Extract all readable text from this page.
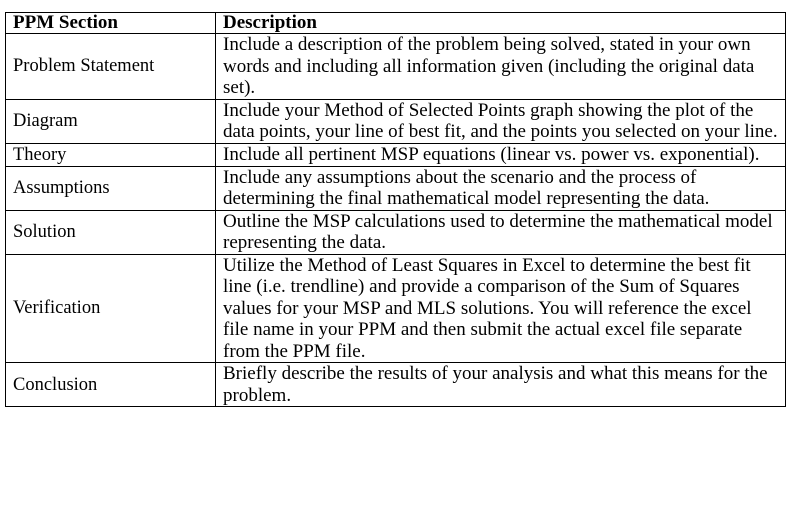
PPM Section	Description
Problem Statement	Include a description of the problem being solved, stated in your own words and including all information given (including the original data set).
Diagram	Include your Method of Selected Points graph showing the plot of the data points, your line of best fit, and the points you selected on your line.
Theory	Include all pertinent MSP equations (linear vs. power vs. exponential).
Assumptions	Include any assumptions about the scenario and the process of determining the final mathematical model representing the data.
Solution	Outline the MSP calculations used to determine the mathematical model representing the data.
Verification	Utilize the Method of Least Squares in Excel to determine the best fit line (i.e. trendline) and provide a comparison of the Sum of Squares values for your MSP and MLS solutions. You will reference the excel file name in your PPM and then submit the actual excel file separate from the PPM file.
Conclusion	Briefly describe the results of your analysis and what this means for the problem.
